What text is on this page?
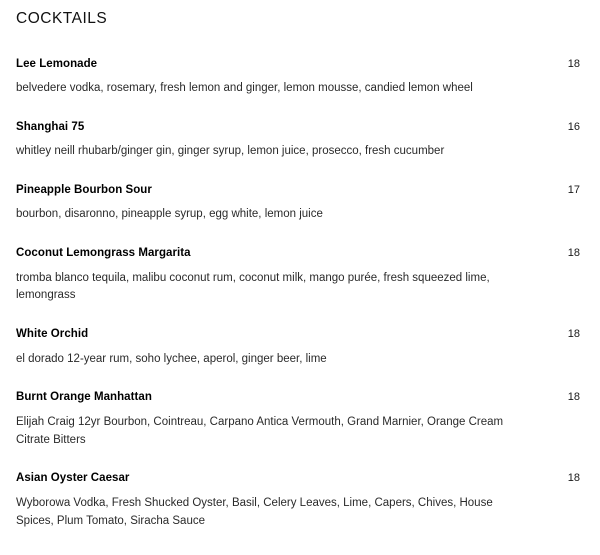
COCKTAILS
Lee Lemonade	18

belvedere vodka, rosemary, fresh lemon and ginger, lemon mousse, candied lemon wheel

Shanghai 75	16

whitley neill rhubarb/ginger gin, ginger syrup, lemon juice, prosecco, fresh cucumber

Pineapple Bourbon Sour	17

bourbon, disaronno, pineapple syrup, egg white, lemon juice

Coconut Lemongrass Margarita	18

tromba blanco tequila, malibu coconut rum, coconut milk, mango purée, fresh squeezed lime, lemongrass

White Orchid	18

el dorado 12-year rum, soho lychee, aperol, ginger beer, lime

Burnt Orange Manhattan	18

Elijah Craig 12yr Bourbon, Cointreau, Carpano Antica Vermouth, Grand Marnier, Orange Cream Citrate Bitters

Asian Oyster Caesar	18

Wyborowa Vodka, Fresh Shucked Oyster, Basil, Celery Leaves, Lime, Capers, Chives, House Spices, Plum Tomato, Siracha Sauce
